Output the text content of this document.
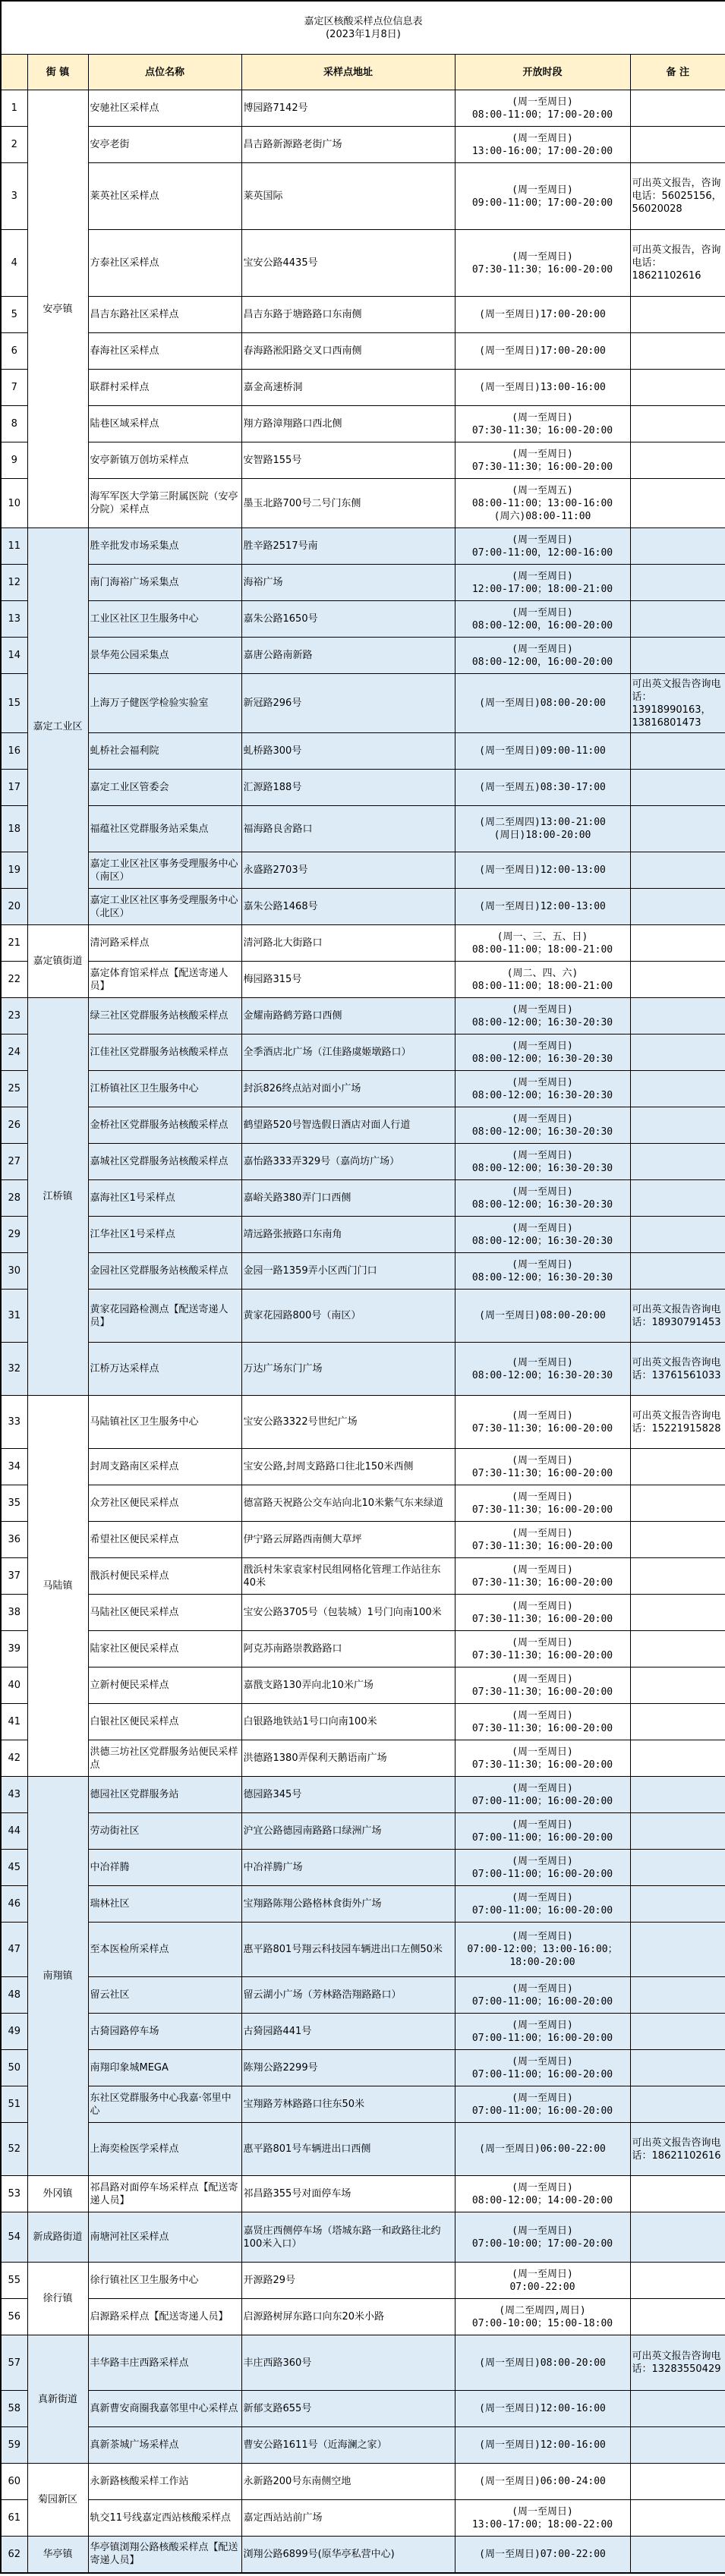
嘉定区核酸采样点位信息表
(2023年1月8日)					

	街 镇	点位名称	采样点地址	开放时段	备 注
1	安亭镇	安驰社区采样点	博园路7142号	(周一至周日)
08:00-11:00；17:00-20:00	

2		安亭老街	昌吉路新源路老街广场	(周一至周日)
13:00-16:00；17:00-20:00	

3		莱英社区采样点	莱英国际	(周一至周日)
09:00-11:00；17:00-20:00	可出英文报告，咨询电话：56025156，56020028
4		方泰社区采样点	宝安公路4435号	(周一至周日)
07:30-11:30；16:00-20:00	可出英文报告，咨询电话：18621102616
5		昌吉东路社区采样点	昌吉东路于塘路路口东南侧	(周一至周日)17:00-20:00	

6		春海社区采样点	春海路淞阳路交叉口西南侧	(周一至周日)17:00-20:00	

7		联群村采样点	嘉金高速桥洞	(周一至周日)13:00-16:00	

8		陆巷区域采样点	翔方路漳翔路口西北侧	(周一至周日)
07:30-11:30；16:00-20:00	

9		安亭新镇万创坊采样点	安智路155号	(周一至周日)
07:30-11:30；16:00-20:00	

10		海军军医大学第三附属医院（安亭分院）采样点	墨玉北路700号二号门东侧	(周一至周五)
08:00-11:00；13:00-16:00
(周六)08:00-11:00	

11	嘉定工业区	胜辛批发市场采集点	胜辛路2517号南	(周一至周日)
07:00-11:00，12:00-16:00	

12		南门海裕广场采集点	海裕广场	(周一至周日)
12:00-17:00；18:00-21:00	

13		工业区社区卫生服务中心	嘉朱公路1650号	(周一至周日)
08:00-12:00，16:00-20:00	

14		景华苑公园采集点	嘉唐公路南新路	(周一至周日)
08:00-12:00，16:00-20:00	

15		上海万子健医学检验实验室	新冠路296号	(周一至周日)08:00-20:00	可出英文报告咨询电话：13918990163，13816801473
16		虬桥社会福利院	虬桥路300号	(周一至周日)09:00-11:00	

17		嘉定工业区管委会	汇源路188号	(周一至周五)08:30-17:00	

18		福蕴社区党群服务站采集点	福海路良舍路口	(周二至周四)13:00-21:00
(周日)18:00-20:00	

19		嘉定工业区社区事务受理服务中心（南区）	永盛路2703号	(周一至周日)12:00-13:00	

20		嘉定工业区社区事务受理服务中心（北区）	嘉朱公路1468号	(周一至周日)12:00-13:00	

21	嘉定镇街道	清河路采样点	清河路北大街路口	(周一、三、五、日)
08:00-11:00；18:00-21:00	

22		嘉定体育馆采样点【配送寄递人员】	梅园路315号	(周二、四、六)
08:00-11:00；18:00-21:00	

23	江桥镇	绿三社区党群服务站核酸采样点	金耀南路鹤芳路口西侧	(周一至周日)
08:00-12:00；16:30-20:30	

24		江佳社区党群服务站核酸采样点	全季酒店北广场（江佳路虞姬墩路口）	(周一至周日)
08:00-12:00；16:30-20:30	

25		江桥镇社区卫生服务中心	封浜826终点站对面小广场	(周一至周日)
08:00-12:00；16:30-20:30	

26		金桥社区党群服务站核酸采样点	鹤望路520号智选假日酒店对面人行道	(周一至周日)
08:00-12:00；16:30-20:30	

27		嘉城社区党群服务站核酸采样点	嘉怡路333弄329号（嘉尚坊广场）	(周一至周日)
08:00-12:00；16:30-20:30	

28		嘉海社区1号采样点	嘉峪关路380弄门口西侧	(周一至周日)
08:00-12:00；16:30-20:30	

29		江华社区1号采样点	靖远路张掖路口东南角	(周一至周日)
08:00-12:00；16:30-20:30	

30		金园社区党群服务站核酸采样点	金园一路1359弄小区西门门口	(周一至周日)
08:00-12:00；16:30-20:30	

31		黄家花园路检测点【配送寄递人员】	黄家花园路800号（南区）	(周一至周日)08:00-20:00	可出英文报告咨询电话：18930791453
32		江桥万达采样点	万达广场东门广场	(周一至周日)
08:00-12:00；16:30-20:30	可出英文报告咨询电话：13761561033
33	马陆镇	马陆镇社区卫生服务中心	宝安公路3322号世纪广场	(周一至周日)
07:30-11:30；16:00-20:00	可出英文报告咨询电话：15221915828
34		封周支路南区采样点	宝安公路,封周支路路口往北150米西侧	(周一至周日)
07:30-11:30；16:00-20:00	

35		众芳社区便民采样点	德富路天祝路公交车站向北10米紫气东来绿道	(周一至周日)
07:30-11:30；16:00-20:00	

36		希望社区便民采样点	伊宁路云屏路西南侧大草坪	(周一至周日)
07:30-11:30；16:00-20:00	

37		戬浜村便民采样点	戬浜村朱家袁家村民组网格化管理工作站往东40米	(周一至周日)
07:30-11:30；16:00-20:00	

38		马陆社区便民采样点	宝安公路3705号（包装城）1号门向南100米	(周一至周日)
07:30-11:30；16:00-20:00	

39		陆家社区便民采样点	阿克苏南路崇教路路口	(周一至周日)
07:30-11:30；16:00-20:00	

40		立新村便民采样点	嘉戬支路130弄向北10米广场	(周一至周日)
07:30-11:30；16:00-20:00	

41		白银社区便民采样点	白银路地铁站1号口向南100米	(周一至周日)
07:30-11:30；16:00-20:00	

42		洪德三坊社区党群服务站便民采样点	洪德路1380弄保利天鹅语南广场	(周一至周日)
07:30-11:30；16:00-20:00	

43	南翔镇	德园社区党群服务站	德园路345号	(周一至周日)
07:00-11:00；16:00-20:00	

44		劳动街社区	沪宜公路德园南路路口绿洲广场	(周一至周日)
07:00-11:00；16:00-20:00	

45		中冶祥腾	中冶祥腾广场	(周一至周日)
07:00-11:00；16:00-20:00	

46		瑞林社区	宝翔路陈翔公路格林食街外广场	(周一至周日)
07:00-11:00；16:00-20:00	

47		至本医检所采样点	惠平路801号翔云科技园车辆进出口左侧50米	(周一至周日)
07:00-12:00；13:00-16:00；
18:00-20:00	

48		留云社区	留云湖小广场（芳林路浩翔路路口）	(周一至周日)
07:00-11:00；16:00-20:00	

49		古猗园路停车场	古猗园路441号	(周一至周日)
07:00-11:00；16:00-20:00	

50		南翔印象城MEGA	陈翔公路2299号	(周一至周日)
07:00-11:00；16:00-20:00	

51		东社区党群服务中心我嘉·邻里中心	宝翔路芳林路路口往东50米	(周一至周日)
07:00-11:00；16:00-20:00	

52		上海奕检医学采样点	惠平路801号车辆进出口西侧	(周一至周日)06:00-22:00	可出英文报告咨询电话：18621102616
53	外冈镇	祁昌路对面停车场采样点【配送寄递人员】	祁昌路355号对面停车场	(周一至周日)
08:00-12:00；14:00-20:00	

54	新成路街道	南塘河社区采样点	嘉贤庄西侧停车场（塔城东路一和政路往北约100米入口）	(周一至周日)
07:00-10:00；17:00-20:00	

55	徐行镇	徐行镇社区卫生服务中心	开源路29号	(周一至周日)
07:00-22:00	

56		启源路采样点【配送寄递人员】	启源路树屏东路口向东20米小路	(周二至周四,周日)
07:00-10:00；15:00-18:00	

57	真新街道	丰华路丰庄西路采样点	丰庄西路360号	(周一至周日)08:00-20:00	可出英文报告咨询电话：13283550429
58		真新曹安商圈我嘉邻里中心采样点	新郁支路655号	(周一至周日)12:00-16:00	

59		真新茶城广场采样点	曹安公路1611号（近海澜之家）	(周一至周日)12:00-16:00	

60	菊园新区	永新路核酸采样工作站	永新路200号东南侧空地	(周一至周日)06:00-24:00	

61		轨交11号线嘉定西站核酸采样点	嘉定西站站前广场	(周一至周日)
13:00-17:00；18:00-22:00	

62	华亭镇	华亭镇浏翔公路核酸采样点【配送寄递人员】	浏翔公路6899号(原华亭私营中心)	(周一至周日)07:00-22:00	
